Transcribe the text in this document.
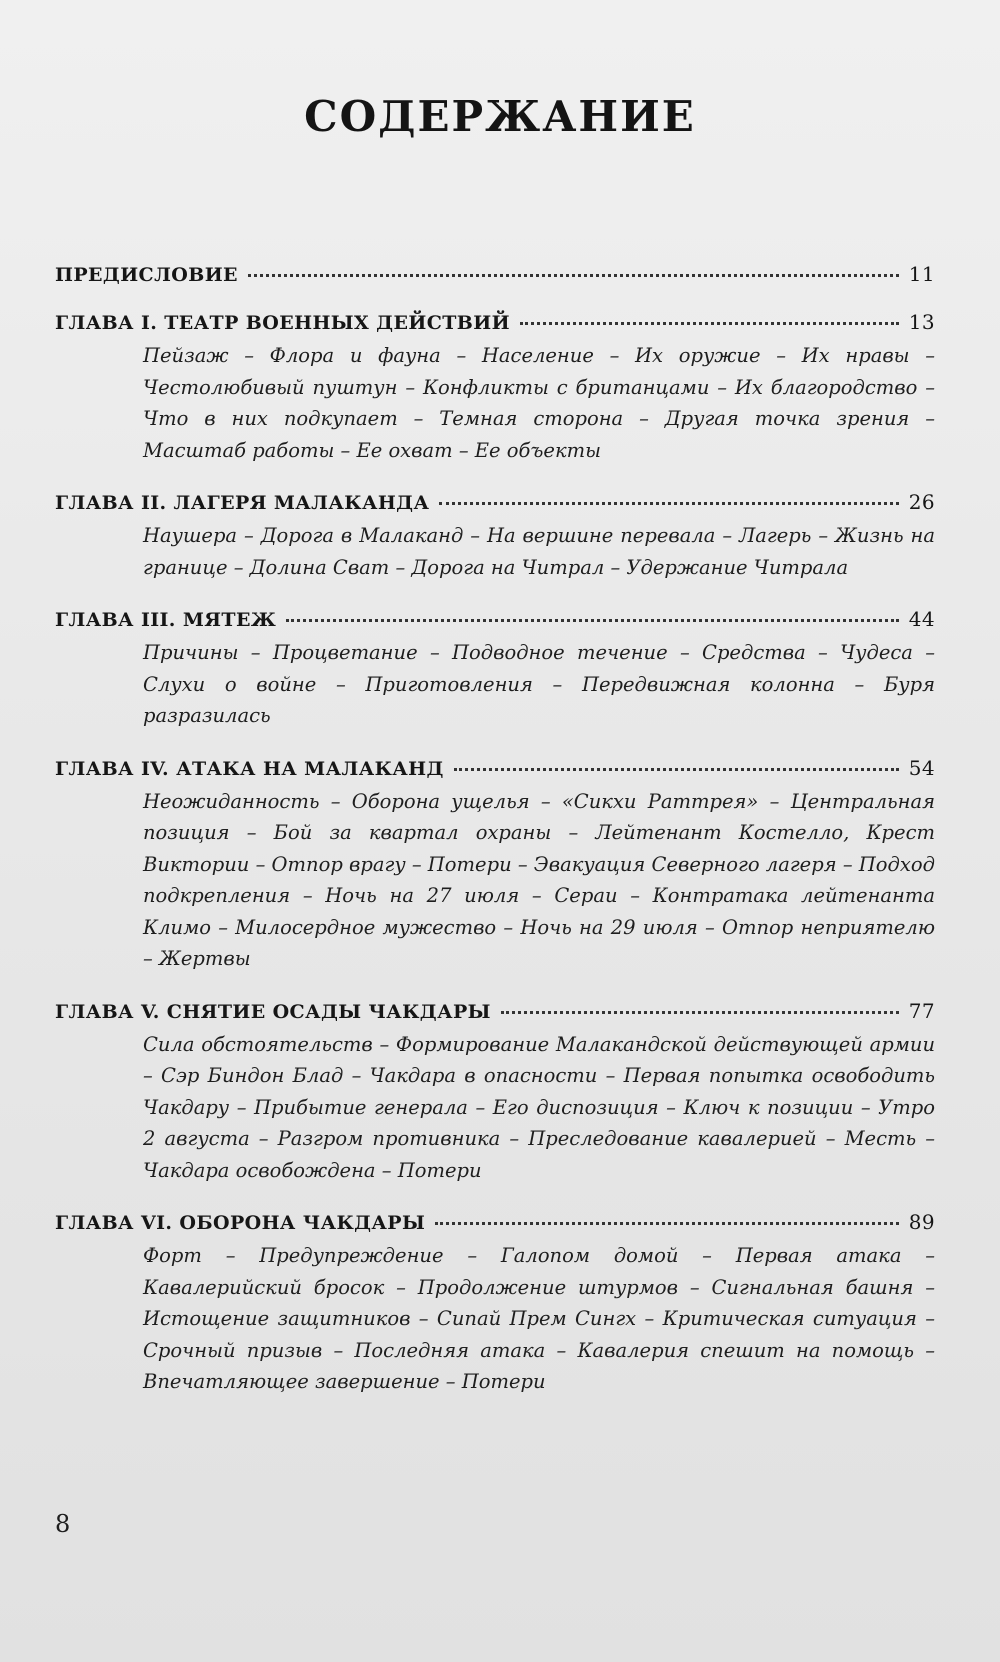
СОДЕРЖАНИЕ
ПРЕДИСЛОВИЕ	11
ГЛАВА I. ТЕАТР ВОЕННЫХ ДЕЙСТВИЙ	13
Пейзаж – Флора и фауна – Население – Их оружие – Их нравы – Честолюбивый пуштун – Конфликты с британцами – Их благородство – Что в них подкупает – Темная сторона – Другая точка зрения – Масштаб работы – Ее охват – Ее объекты
ГЛАВА II. ЛАГЕРЯ МАЛАКАНДА	26
Наушера – Дорога в Малаканд – На вершине перевала – Лагерь – Жизнь на границе – Долина Сват – Дорога на Читрал – Удержание Читрала
ГЛАВА III. МЯТЕЖ	44
Причины – Процветание – Подводное течение – Средства – Чудеса – Слухи о войне – Приготовления – Передвижная колонна – Буря разразилась
ГЛАВА IV. АТАКА НА МАЛАКАНД	54
Неожиданность – Оборона ущелья – «Сикхи Раттрея» – Центральная позиция – Бой за квартал охраны – Лейтенант Костелло, Крест Виктории – Отпор врагу – Потери – Эвакуация Северного лагеря – Подход подкрепления – Ночь на 27 июля – Сераи – Контратака лейтенанта Климо – Милосердное мужество – Ночь на 29 июля – Отпор неприятелю – Жертвы
ГЛАВА V. СНЯТИЕ ОСАДЫ ЧАКДАРЫ	77
Сила обстоятельств – Формирование Малакандской действующей армии – Сэр Биндон Блад – Чакдара в опасности – Первая попытка освободить Чакдару – Прибытие генерала – Его диспозиция – Ключ к позиции – Утро 2 августа – Разгром противника – Преследование кавалерией – Месть – Чакдара освобождена – Потери
ГЛАВА VI. ОБОРОНА ЧАКДАРЫ	89
Форт – Предупреждение – Галопом домой – Первая атака – Кавалерийский бросок – Продолжение штурмов – Сигнальная башня – Истощение защитников – Сипай Прем Сингх – Критическая ситуация – Срочный призыв – Последняя атака – Кавалерия спешит на помощь – Впечатляющее завершение – Потери
8
